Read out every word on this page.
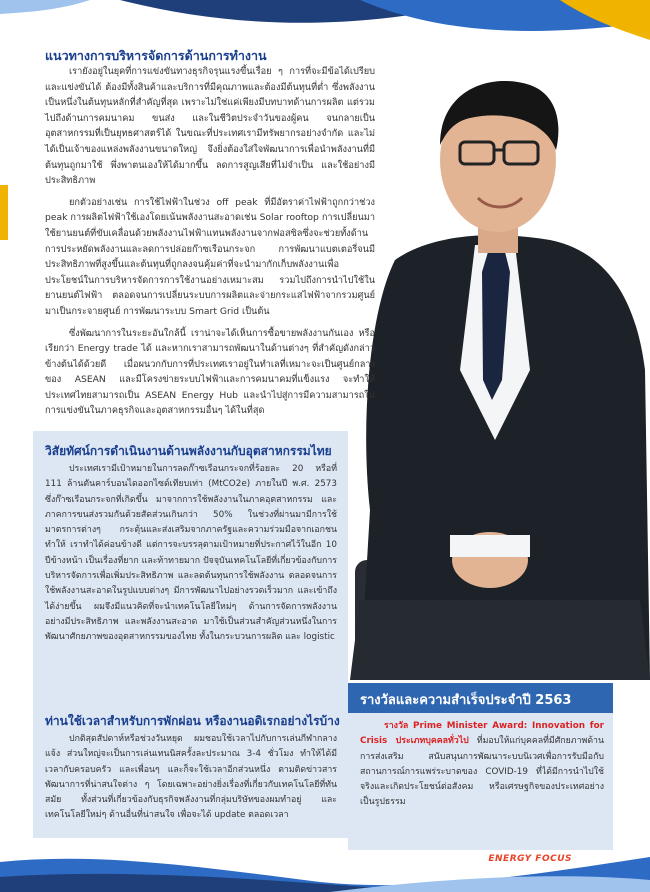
แนวทางการบริหารจัดการด้านการทำงาน

เรายังอยู่ในยุคที่การแข่งขันทางธุรกิจรุนแรงขึ้นเรื่อย ๆ การที่จะมีข้อได้เปรียบและแข่งขันได้ ต้องมีทั้งสินค้าและบริการที่มีคุณภาพและต้องมีต้นทุนที่ต่ำ ซึ่งพลังงานเป็นหนึ่งในต้นทุนหลักที่สำคัญที่สุด เพราะไม่ใช่แค่เพียงมีบทบาทด้านการผลิต แต่รวมไปถึงด้านการคมนาคม ขนส่ง และในชีวิตประจำวันของผู้คน จนกลายเป็นอุตสาหกรรมที่เป็นยุทธศาสตร์ได้ ในขณะที่ประเทศเรามีทรัพยากรอย่างจำกัด และไม่ได้เป็นเจ้าของแหล่งพลังงานขนาดใหญ่ จึงยิ่งต้องใส่ใจพัฒนาการเพื่อนำพลังงานที่มีต้นทุนถูกมาใช้ พึ่งพาตนเองให้ได้มากขึ้น ลดการสูญเสียที่ไม่จำเป็น และใช้อย่างมีประสิทธิภาพ

ยกตัวอย่างเช่น การใช้ไฟฟ้าในช่วง off peak ที่มีอัตราค่าไฟฟ้าถูกกว่าช่วง peak การผลิตไฟฟ้าใช้เองโดยเน้นพลังงานสะอาดเช่น Solar rooftop การเปลี่ยนมาใช้ยานยนต์ที่ขับเคลื่อนด้วยพลังงานไฟฟ้าแทนพลังงานจากฟอสซิลซึ่งจะช่วยทั้งด้านการประหยัดพลังงานและลดการปล่อยก๊าซเรือนกระจก การพัฒนาแบตเตอรี่จนมีประสิทธิภาพที่สูงขึ้นและต้นทุนที่ถูกลงจนคุ้มค่าที่จะนำมากักเก็บพลังงานเพื่อประโยชน์ในการบริหารจัดการการใช้งานอย่างเหมาะสม รวมไปถึงการนำไปใช้ในยานยนต์ไฟฟ้า ตลอดจนการเปลี่ยนระบบการผลิตและจ่ายกระแสไฟฟ้าจากรวมศูนย์ มาเป็นกระจายศูนย์ การพัฒนาระบบ Smart Grid เป็นต้น

ซึ่งพัฒนาการในระยะอันใกล้นี้ เราน่าจะได้เห็นการซื้อขายพลังงานกันเอง หรือเรียกว่า Energy trade ได้ และหากเราสามารถพัฒนาในด้านต่างๆ ที่สำคัญดังกล่าวข้างต้นได้ด้วยดี เมื่อผนวกกับการที่ประเทศเราอยู่ในทำเลที่เหมาะจะเป็นศูนย์กลางของ ASEAN และมีโครงข่ายระบบไฟฟ้าและการคมนาคมที่แข็งแรง จะทำให้ประเทศไทยสามารถเป็น ASEAN Energy Hub และนำไปสู่การมีความสามารถในการแข่งขันในภาคธุรกิจและอุตสาหกรรมอื่นๆ ได้ในที่สุด

วิสัยทัศน์การดำเนินงานด้านพลังงานกับอุตสาหกรรมไทย

ประเทศเรามีเป้าหมายในการลดก๊าซเรือนกระจกที่ร้อยละ 20 หรือที่ 111 ล้านตันคาร์บอนไดออกไซด์เทียบเท่า (MtCO2e) ภายในปี พ.ศ. 2573 ซึ่งก๊าซเรือนกระจกที่เกิดขึ้น มาจากการใช้พลังงานในภาคอุตสาหกรรม และภาคการขนส่งรวมกันด้วยสัดส่วนเกินกว่า 50% ในช่วงที่ผ่านมามีการใช้มาตรการต่างๆ กระตุ้นและส่งเสริมจากภาครัฐและความร่วมมือจากเอกชน ทำให้ เราทำได้ค่อนข้างดี แต่การจะบรรลุตามเป้าหมายที่ประกาศไว้ในอีก 10 ปีข้างหน้า เป็นเรื่องที่ยาก และท้าทายมาก ปัจจุบันเทคโนโลยีที่เกี่ยวข้องกับการบริหารจัดการเพื่อเพิ่มประสิทธิภาพ และลดต้นทุนการใช้พลังงาน ตลอดจนการใช้พลังงานสะอาดในรูปแบบต่างๆ มีการพัฒนาไปอย่างรวดเร็วมาก และเข้าถึงได้ง่ายขึ้น ผมจึงมีแนวคิดที่จะนำเทคโนโลยีใหม่ๆ ด้านการจัดการพลังงานอย่างมีประสิทธิภาพ และพลังงานสะอาด มาใช้เป็นส่วนสำคัญส่วนหนึ่งในการพัฒนาศักยภาพของอุตสาหกรรมของไทย ทั้งในกระบวนการผลิต และ logistic

ท่านใช้เวลาสำหรับการพักผ่อน หรืองานอดิเรกอย่างไรบ้าง

ปกติสุดสัปดาห์หรือช่วงวันหยุด ผมชอบใช้เวลาไปกับการเล่นกีฬากลางแจ้ง ส่วนใหญ่จะเป็นการเล่นเทนนิสครั้งละประมาณ 3-4 ชั่วโมง ทำให้ได้มีเวลากับครอบครัว และเพื่อนๆ และก็จะใช้เวลาอีกส่วนหนึ่ง ตามติดข่าวสาร พัฒนาการที่น่าสนใจต่าง ๆ โดยเฉพาะอย่างยิ่งเรื่องที่เกี่ยวกับเทคโนโลยีที่ทันสมัย ทั้งส่วนที่เกี่ยวข้องกับธุรกิจพลังงานที่กลุ่มบริษัทของผมทำอยู่ และเทคโนโลยีใหม่ๆ ด้านอื่นที่น่าสนใจ เพื่อจะได้ update ตลอดเวลา

รางวัลและความสำเร็จประจำปี 2563

รางวัล Prime Minister Award: Innovation for Crisis ประเภทบุคคลทั่วไป ที่มอบให้แก่บุคคลที่มีศักยภาพด้านการส่งเสริม สนับสนุนการพัฒนาระบบนิเวศเพื่อการรับมือกับสถานการณ์การแพร่ระบาดของ COVID-19 ที่ได้มีการนำไปใช้จริงและเกิดประโยชน์ต่อสังคม หรือเศรษฐกิจของประเทศอย่างเป็นรูปธรรม

ENERGY FOCUS
